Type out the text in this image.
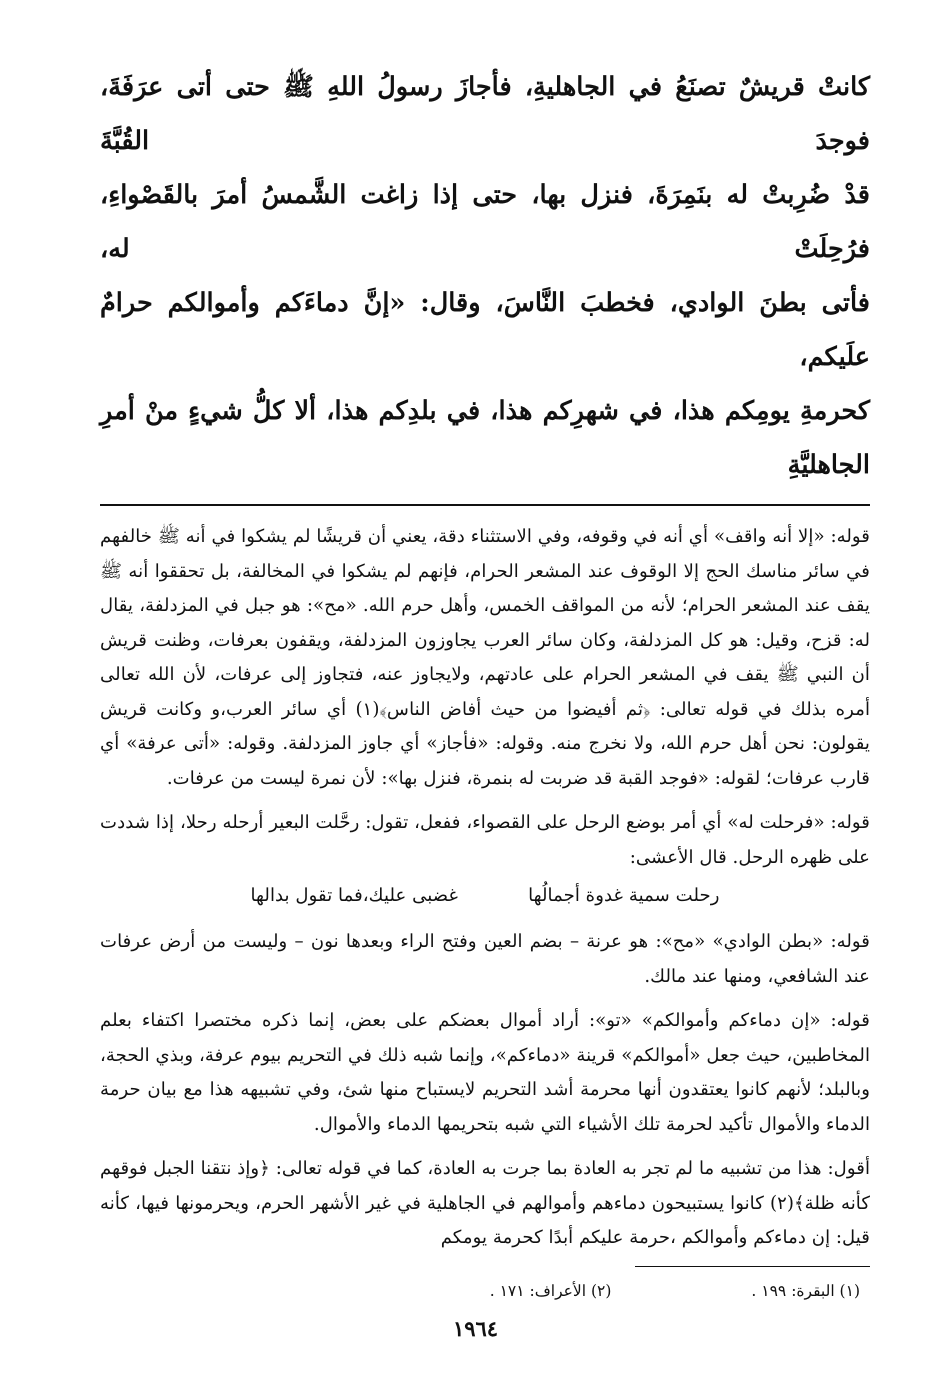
كانتْ قريشٌ تصنَعُ في الجاهليةِ، فأجازَ رسولُ اللهِ ﷺ حتى أتى عرَفَةَ، فوجدَ القُبَّةَ

قدْ ضُرِبتْ له بنَمِرَةَ، فنزل بها، حتى إذا زاغت الشَّمسُ أمرَ بالقَصْواءِ، فرُحِلَتْ له،

فأتى بطنَ الوادي، فخطبَ النَّاسَ، وقال: «إنَّ دماءَكم وأموالكم حرامٌ علَيكم،

كحرمةِ يومِكم هذا، في شهرِكم هذا، في بلدِكم هذا، ألا كلُّ شيءٍ منْ أمرِ الجاهليَّةِ

قوله: «إلا أنه واقف» أي أنه في وقوفه، وفي الاستثناء دقة، يعني أن قريشًا لم يشكوا في أنه ﷺ خالفهم في سائر مناسك الحج إلا الوقوف عند المشعر الحرام، فإنهم لم يشكوا في المخالفة، بل تحققوا أنه ﷺ يقف عند المشعر الحرام؛ لأنه من المواقف الخمس، وأهل حرم الله. «مح»: هو جبل في المزدلفة، يقال له: قزح، وقيل: هو كل المزدلفة، وكان سائر العرب يجاوزون المزدلفة، ويقفون بعرفات، وظنت قريش أن النبي ﷺ يقف في المشعر الحرام على عادتهم، ولايجاوز عنه، فتجاوز إلى عرفات، لأن الله تعالى أمره بذلك في قوله تعالى: ﴿ثم أفيضوا من حيث أفاض الناس﴾(١) أي سائر العرب،و وكانت قريش يقولون: نحن أهل حرم الله، ولا نخرج منه. وقوله: «فأجاز» أي جاوز المزدلفة. وقوله: «أتى عرفة» أي قارب عرفات؛ لقوله: «فوجد القبة قد ضربت له بنمرة، فنزل بها»: لأن نمرة ليست من عرفات.

قوله: «فرحلت له» أي أمر بوضع الرحل على القصواء، ففعل، تقول: رحَّلت البعير أرحله رحلا، إذا شددت على ظهره الرحل. قال الأعشى:

رحلت سمية غدوة أجمالُها
غضبى عليك،فما تقول بدالها

قوله: «بطن الوادي» «مح»: هو عرنة – بضم العين وفتح الراء وبعدها نون – وليست من أرض عرفات عند الشافعي، ومنها عند مالك.

قوله: «إن دماءكم وأموالكم» «تو»: أراد أموال بعضكم على بعض، إنما ذكره مختصرا اكتفاء بعلم المخاطبين، حيث جعل «أموالكم» قرينة «دماءكم»، وإنما شبه ذلك في التحريم بيوم عرفة، وبذي الحجة، وبالبلد؛ لأنهم كانوا يعتقدون أنها محرمة أشد التحريم لايستباح منها شئ، وفي تشبيهه هذا مع بيان حرمة الدماء والأموال تأكيد لحرمة تلك الأشياء التي شبه بتحريمها الدماء والأموال.

أقول: هذا من تشبيه ما لم تجر به العادة بما جرت به العادة، كما في قوله تعالى: ﴿وإذ نتقنا الجبل فوقهم كأنه ظلة﴾(٢) كانوا يستبيحون دماءهم وأموالهم في الجاهلية في غير الأشهر الحرم، ويحرمونها فيها، كأنه قيل: إن دماءكم وأموالكم ،حرمة عليكم أبدًا كحرمة يومكم

(١) البقرة: ١٩٩ .
(٢) الأعراف: ١٧١ .
١٩٦٤
